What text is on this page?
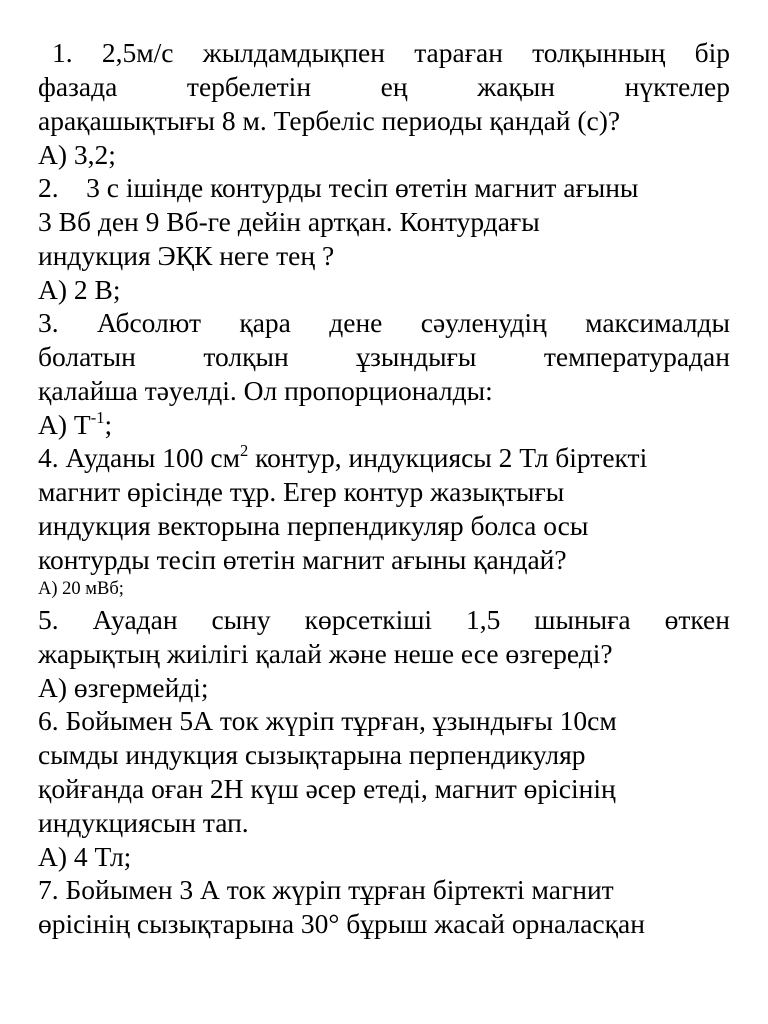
1. 2,5м/с жылдамдықпен тараған толқынның бір
фазада	тербелетін	ең	жақын	нүктелер
арақашықтығы 8 м. Тербеліс периоды қандай (с)?
А) 3,2;
2.    3 с ішінде контурды тесіп өтетін магнит ағыны
3 Вб ден 9 Вб-ге дейін артқан. Контурдағы
индукция ЭҚК неге тең ?
А) 2 В;
3. Абсолют қара дене сәуленудің максималды
болатын толқын ұзындығы температурадан
қалайша тәуелді. Ол пропорционалды:
А) $Т^{-1}$;
4. Ауданы 100 $см^2$ контур, индукциясы 2 Тл біртекті
магнит өрісінде тұр. Егер контур жазықтығы
индукция векторына перпендикуляр болса осы
контурды тесіп өтетін магнит ағыны қандай?
А) 20 мВб;
5. Ауадан сыну көрсеткіші 1,5 шыныға өткен
жарықтың жиілігі қалай және неше есе өзгереді?
А) өзгермейді;
6. Бойымен 5А ток жүріп тұрған, ұзындығы 10см
сымды индукция сызықтарына перпендикуляр
қойғанда оған 2Н күш әсер етеді, магнит өрісінің
индукциясын тап.
А) 4 Тл;
7. Бойымен 3 А ток жүріп тұрған біртекті магнит
өрісінің сызықтарына 30° бұрыш жасай орналасқан
